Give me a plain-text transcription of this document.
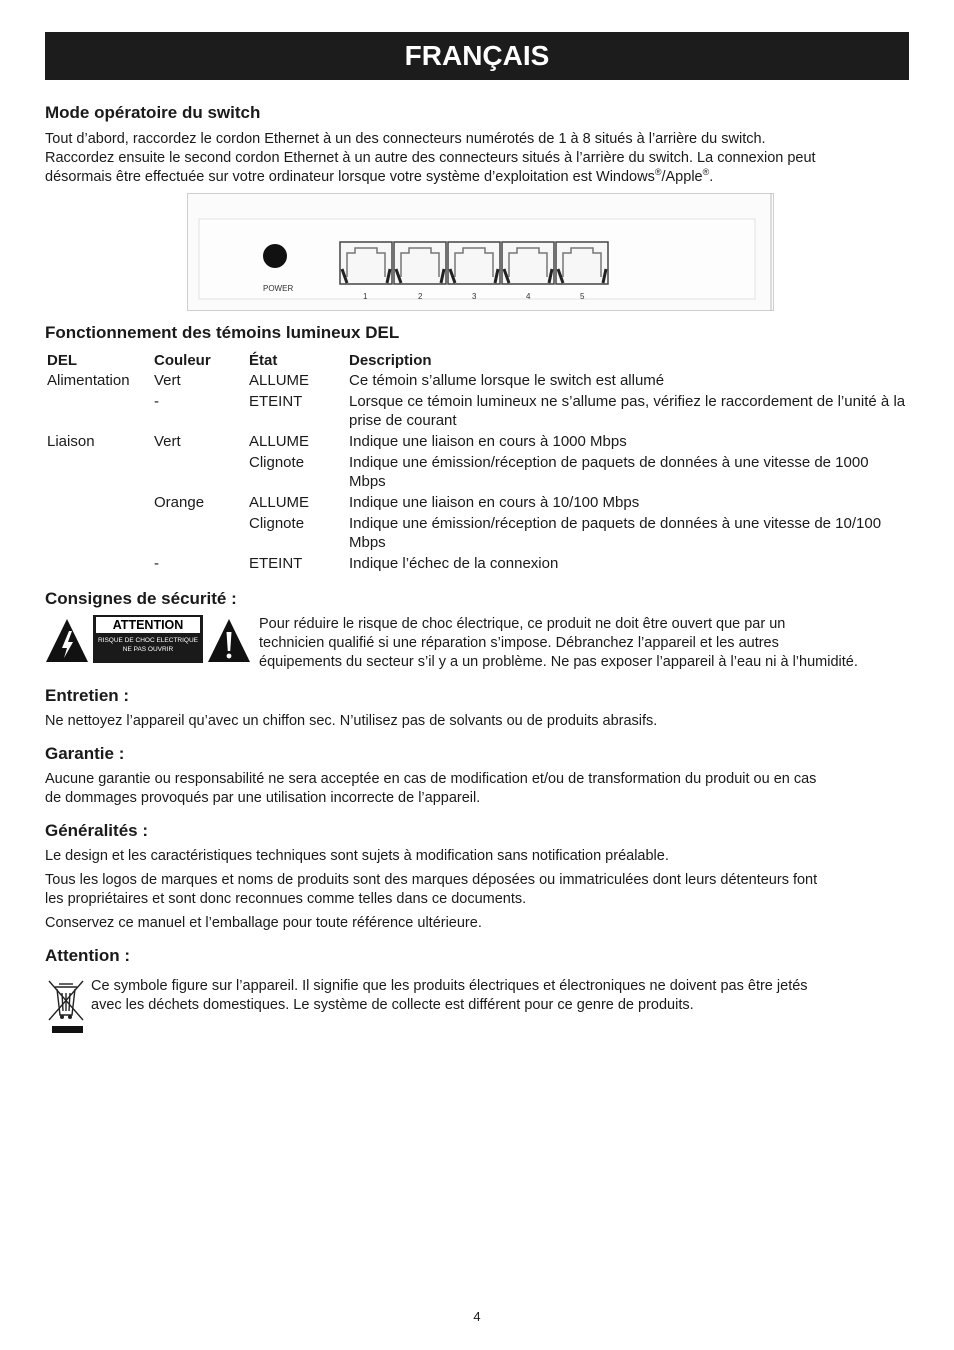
FRANÇAIS
Mode opératoire du switch

Tout d’abord, raccordez le cordon Ethernet à un des connecteurs numérotés de 1 à 8 situés à l’arrière du switch.
Raccordez ensuite le second cordon Ethernet à un autre des connecteurs situés à l’arrière du switch. La connexion peut
désormais être effectuée sur votre ordinateur lorsque votre système d’exploitation est Windows®/Apple®.

POWER
1	2	3	4	5
Fonctionnement des témoins lumineux DEL
DEL	Couleur	État	Description
Alimentation	Vert	ALLUME	Ce témoin s’allume lorsque le switch est allumé
	-	ETEINT	Lorsque ce témoin lumineux ne s’allume pas, vérifiez le raccordement de l’unité à la prise de courant
Liaison	Vert	ALLUME	Indique une liaison en cours à 1000 Mbps
		Clignote	Indique une émission/réception de paquets de données à une vitesse de 1000 Mbps
	Orange	ALLUME	Indique une liaison en cours à 10/100 Mbps
		Clignote	Indique une émission/réception de paquets de données à une vitesse de 10/100 Mbps
	-	ETEINT	Indique l’échec de la connexion
Consignes de sécurité :
ATTENTION
RISQUE DE CHOC ELECTRIQUE
NE PAS OUVRIR

Pour réduire le risque de choc électrique, ce produit ne doit être ouvert que par un
technicien qualifié si une réparation s’impose. Débranchez l’appareil et les autres
équipements du secteur s’il y a un problème. Ne pas exposer l’appareil à l’eau ni à l’humidité.

Entretien :

Ne nettoyez l’appareil qu’avec un chiffon sec. N’utilisez pas de solvants ou de produits abrasifs.

Garantie :

Aucune garantie ou responsabilité ne sera acceptée en cas de modification et/ou de transformation du produit ou en cas
de dommages provoqués par une utilisation incorrecte de l’appareil.

Généralités :

Le design et les caractéristiques techniques sont sujets à modification sans notification préalable.

Tous les logos de marques et noms de produits sont des marques déposées ou immatriculées dont leurs détenteurs font
les propriétaires et sont donc reconnues comme telles dans ce documents.

Conservez ce manuel et l’emballage pour toute référence ultérieure.

Attention :

Ce symbole figure sur l’appareil. Il signifie que les produits électriques et électroniques ne doivent pas être jetés
avec les déchets domestiques. Le système de collecte est différent pour ce genre de produits.

4
